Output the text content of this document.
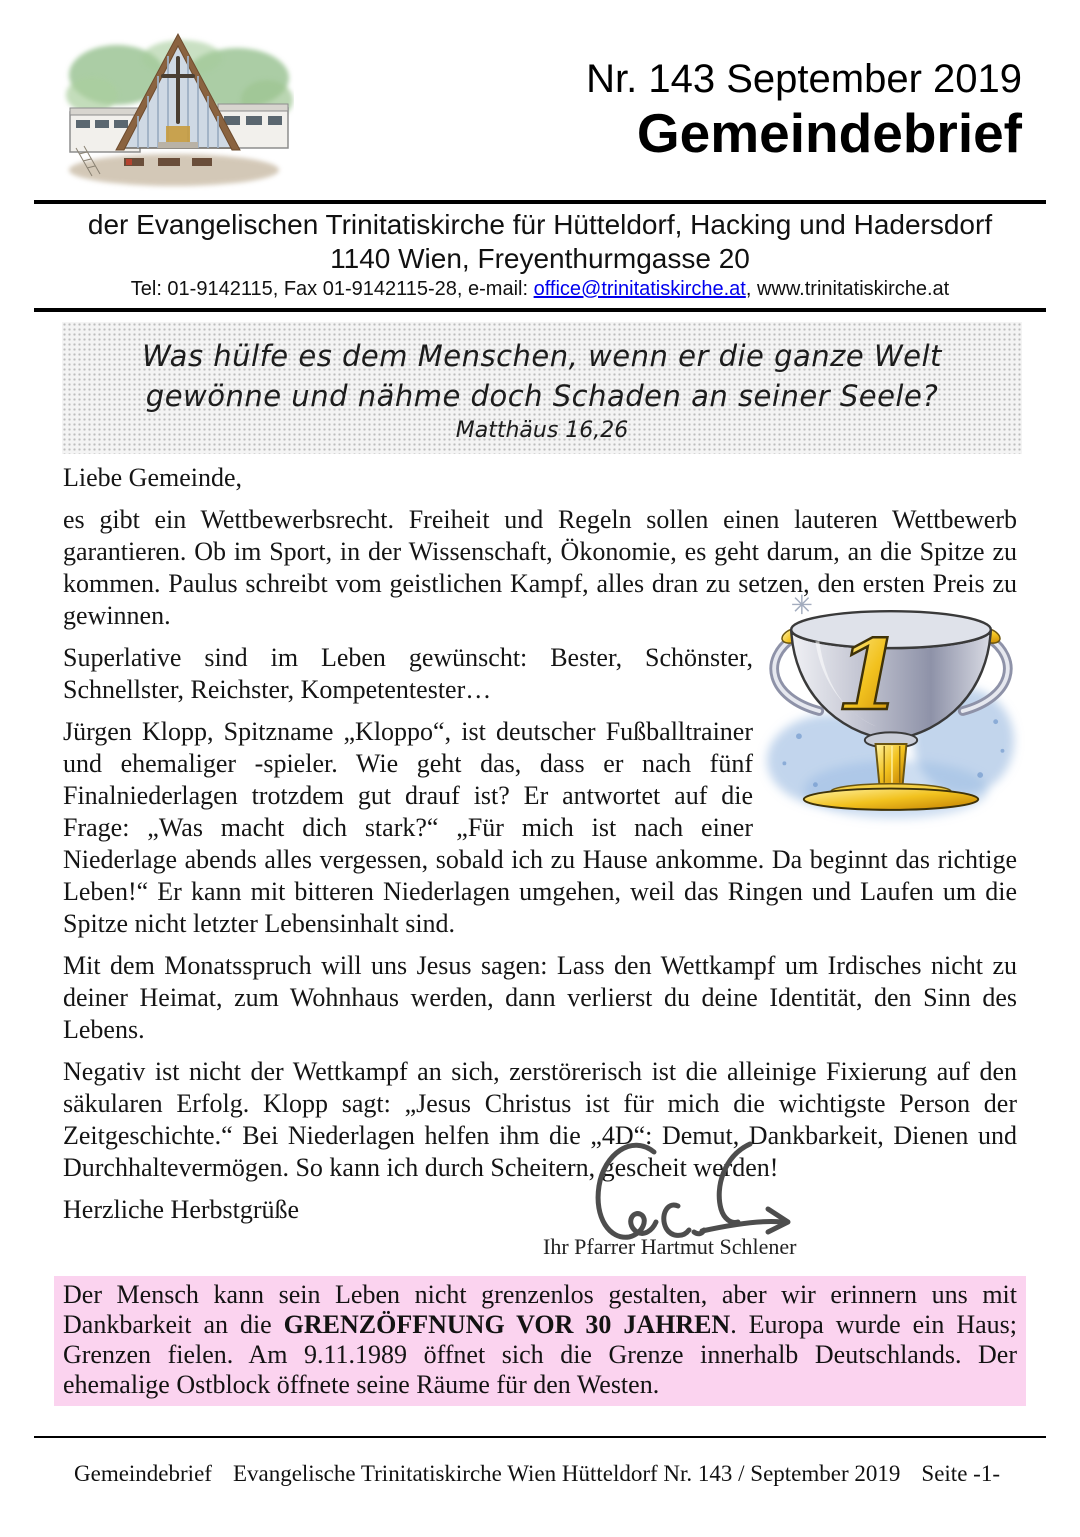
Nr. 143 September 2019
Gemeindebrief
der Evangelischen Trinitatiskirche für Hütteldorf, Hacking und Hadersdorf
1140 Wien, Freyenthurmgasse 20
Tel: 01-9142115, Fax 01-9142115-28, e-mail: office@trinitatiskirche.at, www.trinitatiskirche.at
Was hülfe es dem Menschen, wenn er die ganze Welt
gewönne und nähme doch Schaden an seiner Seele?
Matthäus 16,26

Liebe Gemeinde,

es gibt ein Wettbewerbsrecht. Freiheit und Regeln sollen einen lauteren Wettbewerb garantieren. Ob im Sport, in der Wissenschaft, Ökonomie, es geht darum, an die Spitze zu kommen. Paulus schreibt vom geistlichen Kampf, alles dran zu setzen, den ersten Preis zu gewinnen.

1

Superlative sind im Leben gewünscht: Bester, Schönster, Schnellster, Reichster, Kompetentester…

Jürgen Klopp, Spitzname „Kloppo“, ist deutscher Fußballtrainer und ehemaliger -spieler. Wie geht das, dass er nach fünf Finalniederlagen trotzdem gut drauf ist? Er antwortet auf die Frage: „Was macht dich stark?“ „Für mich ist nach einer Niederlage abends alles vergessen, sobald ich zu Hause ankomme. Da beginnt das richtige Leben!“ Er kann mit bitteren Niederlagen umgehen, weil das Ringen und Laufen um die Spitze nicht letzter Lebensinhalt sind.

Mit dem Monatsspruch will uns Jesus sagen: Lass den Wettkampf um Irdisches nicht zu deiner Heimat, zum Wohnhaus werden, dann verlierst du deine Identität, den Sinn des Lebens.

Negativ ist nicht der Wettkampf an sich, zerstörerisch ist die alleinige Fixierung auf den säkularen Erfolg. Klopp sagt: „Jesus Christus ist für mich die wichtigste Person der Zeitgeschichte.“ Bei Niederlagen helfen ihm die „4D“: Demut, Dankbarkeit, Dienen und Durchhaltevermögen. So kann ich durch Scheitern, gescheit werden!

Herzliche Herbstgrüße

Ihr Pfarrer Hartmut Schlener
Der Mensch kann sein Leben nicht grenzenlos gestalten, aber wir erinnern uns mit Dankbarkeit an die GRENZÖFFNUNG VOR 30 JAHREN. Europa wurde ein Haus; Grenzen fielen. Am 9.11.1989 öffnet sich die Grenze innerhalb Deutschlands. Der ehemalige Ostblock öffnete seine Räume für den Westen.
Gemeindebrief Evangelische Trinitatiskirche Wien Hütteldorf Nr. 143 / September 2019 Seite -1-
